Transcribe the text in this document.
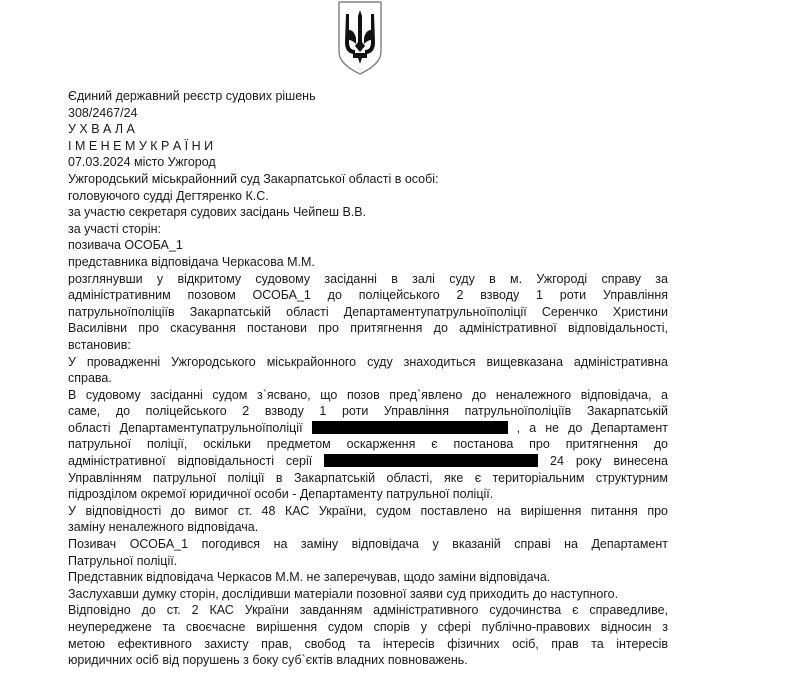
Єдиний державний реєстр судових рішень
308/2467/24
У Х В А Л А
І М Е Н Е М У К Р А Ї Н И
07.03.2024 місто Ужгород
Ужгородський міськрайонний суд Закарпатської області в особі:
головуючого судді Дегтяренко К.С.
за участю секретаря судових засідань Чейпеш В.В.
за участі сторін:
позивача ОСОБА_1
представника відповідача Черкасова М.М.
розглянувши у відкритому судовому засіданні в залі суду в м. Ужгороді справу за
адміністративним позовом ОСОБА_1 до поліцейського 2 взводу 1 роти Управління
патрульноїполіціїв Закарпатській області Департаментупатрульноїполіції Серенчко Христини
Василівни про скасування постанови про притягнення до адміністративної відповідальності,
встановив:
У провадженні Ужгородського міськрайонного суду знаходиться вищевказана адміністративна
справа.
В судовому засіданні судом з`ясвано, що позов пред`явлено до неналежного відповідача, а
саме, до поліцейського 2 взводу 1 роти Управління патрульноїполіціїв Закарпатській
області Департаментупатрульноїполіції	, а не до Департамент
патрульної поліції, оскільки предметом оскарження є постанова про притягнення до
адміністративної відповідальності серії	24 року винесена
Управлінням патрульної поліції в Закарпатській області, яке є територіальним структурним
підрозділом окремої юридичної особи - Департаменту патрульної поліції.
У відповідності до вимог ст. 48 КАС України, судом поставлено на вирішення питання про
заміну неналежного відповідача.
Позивач ОСОБА_1 погодився на заміну відповідача у вказаній справі на Департамент
Патрульної поліції.
Представник відповідача Черкасов М.М. не заперечував, щодо заміни відповідача.
Заслухавши думку сторін, дослідивши матеріали позовної заяви суд приходить до наступного.
Відповідно до ст. 2 КАС України завданням адміністративного судочинства є справедливе,
неупереджене та своєчасне вирішення судом спорів у сфері публічно-правових відносин з
метою ефективного захисту прав, свобод та інтересів фізичних осіб, прав та інтересів
юридичних осіб від порушень з боку суб`єктів владних повноважень.
